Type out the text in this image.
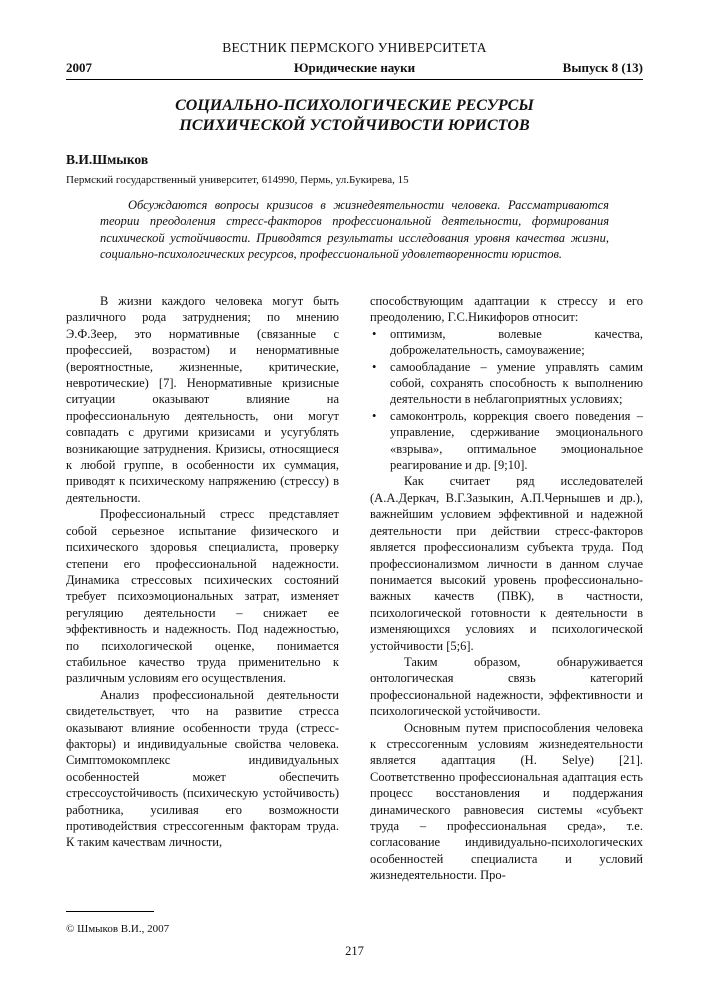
ВЕСТНИК ПЕРМСКОГО УНИВЕРСИТЕТА
2007	Юридические науки	Выпуск 8 (13)
СОЦИАЛЬНО-ПСИХОЛОГИЧЕСКИЕ РЕСУРСЫ
ПСИХИЧЕСКОЙ УСТОЙЧИВОСТИ ЮРИСТОВ
В.И.Шмыков
Пермский государственный университет, 614990, Пермь, ул.Букирева, 15
Обсуждаются вопросы кризисов в жизнедеятельности человека. Рассматриваются теории преодоления стресс-факторов профессиональной деятельности, формирования психической устойчивости. Приводятся результаты исследования уровня качества жизни, социально-психологических ресурсов, профессиональной удовлетворенности юристов.

В жизни каждого человека могут быть различного рода затруднения; по мнению Э.Ф.Зеер, это нормативные (связанные с профессией, возрастом) и ненормативные (вероятностные, жизненные, критические, невротические) [7]. Ненормативные кризисные ситуации оказывают влияние на профессиональную деятельность, они могут совпадать с другими кризисами и усугублять возникающие затруднения. Кризисы, относящиеся к любой группе, в особенности их суммация, приводят к психическому напряжению (стрессу) в деятельности.

Профессиональный стресс представляет собой серьезное испытание физического и психического здоровья специалиста, проверку степени его профессиональной надежности. Динамика стрессовых психических состояний требует психоэмоциональных затрат, изменяет регуляцию деятельности – снижает ее эффективность и надежность. Под надежностью, по психологической оценке, понимается стабильное качество труда применительно к различным условиям его осуществления.

Анализ профессиональной деятельности свидетельствует, что на развитие стресса оказывают влияние особенности труда (стресс-факторы) и индивидуальные свойства человека. Симптомокомплекс индивидуальных особенностей может обеспечить стрессоустойчивость (психическую устойчивость) работника, усиливая его возможности противодействия стрессогенным факторам труда. К таким качествам личности,

способствующим адаптации к стрессу и его преодолению, Г.С.Никифоров относит:

• оптимизм, волевые качества, доброжелательность, самоуважение;
• самообладание – умение управлять самим собой, сохранять способность к выполнению деятельности в неблагоприятных условиях;
• самоконтроль, коррекция своего поведения – управление, сдерживание эмоционального «взрыва», оптимальное эмоциональное реагирование и др. [9;10].

Как считает ряд исследователей (А.А.Деркач, В.Г.Зазыкин, А.П.Чернышев и др.), важнейшим условием эффективной и надежной деятельности при действии стресс-факторов является профессионализм субъекта труда. Под профессионализмом личности в данном случае понимается высокий уровень профессионально-важных качеств (ПВК), в частности, психологической готовности к деятельности в изменяющихся условиях и психологической устойчивости [5;6].

Таким образом, обнаруживается онтологическая связь категорий профессиональной надежности, эффективности и психологической устойчивости.

Основным путем приспособления человека к стрессогенным условиям жизнедеятельности является адаптация (H. Selye) [21]. Соответственно профессиональная адаптация есть процесс восстановления и поддержания динамического равновесия системы «субъект труда – профессиональная среда», т.е. согласование индивидуально-психологических особенностей специалиста и условий жизнедеятельности. Про-

© Шмыков В.И., 2007
217
